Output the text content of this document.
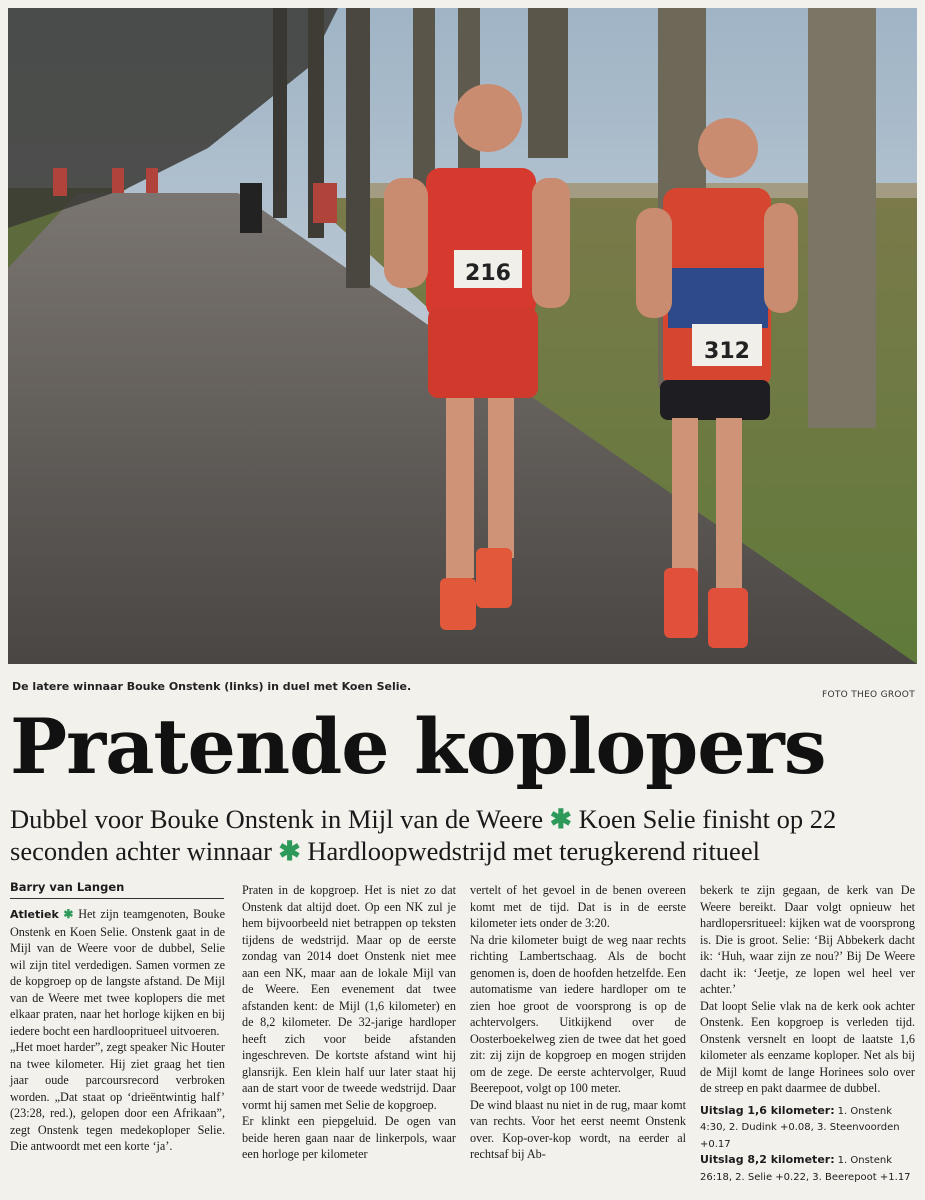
216
312
De latere winnaar Bouke Onstenk (links) in duel met Koen Selie.
FOTO THEO GROOT
Pratende koplopers
Dubbel voor Bouke Onstenk in Mijl van de Weere ✱ Koen Selie finisht op 22 seconden achter winnaar ✱ Hardloopwedstrijd met terugkerend ritueel
Barry van Langen

Atletiek ✱ Het zijn teamgenoten, Bouke Onstenk en Koen Selie. Onstenk gaat in de Mijl van de Weere voor de dubbel, Selie wil zijn titel verdedigen. Samen vormen ze de kopgroep op de langste afstand. De Mijl van de Weere met twee koplopers die met elkaar praten, naar het horloge kijken en bij iedere bocht een hardloopritueel uitvoeren.

„Het moet harder”, zegt speaker Nic Houter na twee kilometer. Hij ziet graag het tien jaar oude parcoursrecord verbroken worden. „Dat staat op ‘drieëntwintig half’ (23:28, red.), gelopen door een Afrikaan”, zegt Onstenk tegen medekoploper Selie. Die antwoordt met een korte ‘ja’.

Praten in de kopgroep. Het is niet zo dat Onstenk dat altijd doet. Op een NK zul je hem bijvoorbeeld niet betrappen op teksten tijdens de wedstrijd. Maar op de eerste zondag van 2014 doet Onstenk niet mee aan een NK, maar aan de lokale Mijl van de Weere. Een evenement dat twee afstanden kent: de Mijl (1,6 kilometer) en de 8,2 kilometer. De 32-jarige hardloper heeft zich voor beide afstanden ingeschreven. De kortste afstand wint hij glansrijk. Een klein half uur later staat hij aan de start voor de tweede wedstrijd. Daar vormt hij samen met Selie de kopgroep.

Er klinkt een piepgeluid. De ogen van beide heren gaan naar de linkerpols, waar een horloge per kilometer

vertelt of het gevoel in de benen overeen komt met de tijd. Dat is in de eerste kilometer iets onder de 3:20.

Na drie kilometer buigt de weg naar rechts richting Lambertschaag. Als de bocht genomen is, doen de hoofden hetzelfde. Een automatisme van iedere hardloper om te zien hoe groot de voorsprong is op de achtervolgers. Uitkijkend over de Oosterboekelweg zien de twee dat het goed zit: zij zijn de kopgroep en mogen strijden om de zege. De eerste achtervolger, Ruud Beerepoot, volgt op 100 meter.

De wind blaast nu niet in de rug, maar komt van rechts. Voor het eerst neemt Onstenk over. Kop-over-kop wordt, na eerder al rechtsaf bij Ab-

bekerk te zijn gegaan, de kerk van De Weere bereikt. Daar volgt opnieuw het hardlopersritueel: kijken wat de voorsprong is. Die is groot. Selie: ‘Bij Abbekerk dacht ik: ‘Huh, waar zijn ze nou?’ Bij De Weere dacht ik: ‘Jeetje, ze lopen wel heel ver achter.’

Dat loopt Selie vlak na de kerk ook achter Onstenk. Een kopgroep is verleden tijd. Onstenk versnelt en loopt de laatste 1,6 kilometer als eenzame koploper. Net als bij de Mijl komt de lange Horinees solo over de streep en pakt daarmee de dubbel.

Uitslag 1,6 kilometer: 1. Onstenk 4:30, 2. Dudink +0.08, 3. Steenvoorden +0.17
Uitslag 8,2 kilometer: 1. Onstenk 26:18, 2. Selie +0.22, 3. Beerepoot +1.17
